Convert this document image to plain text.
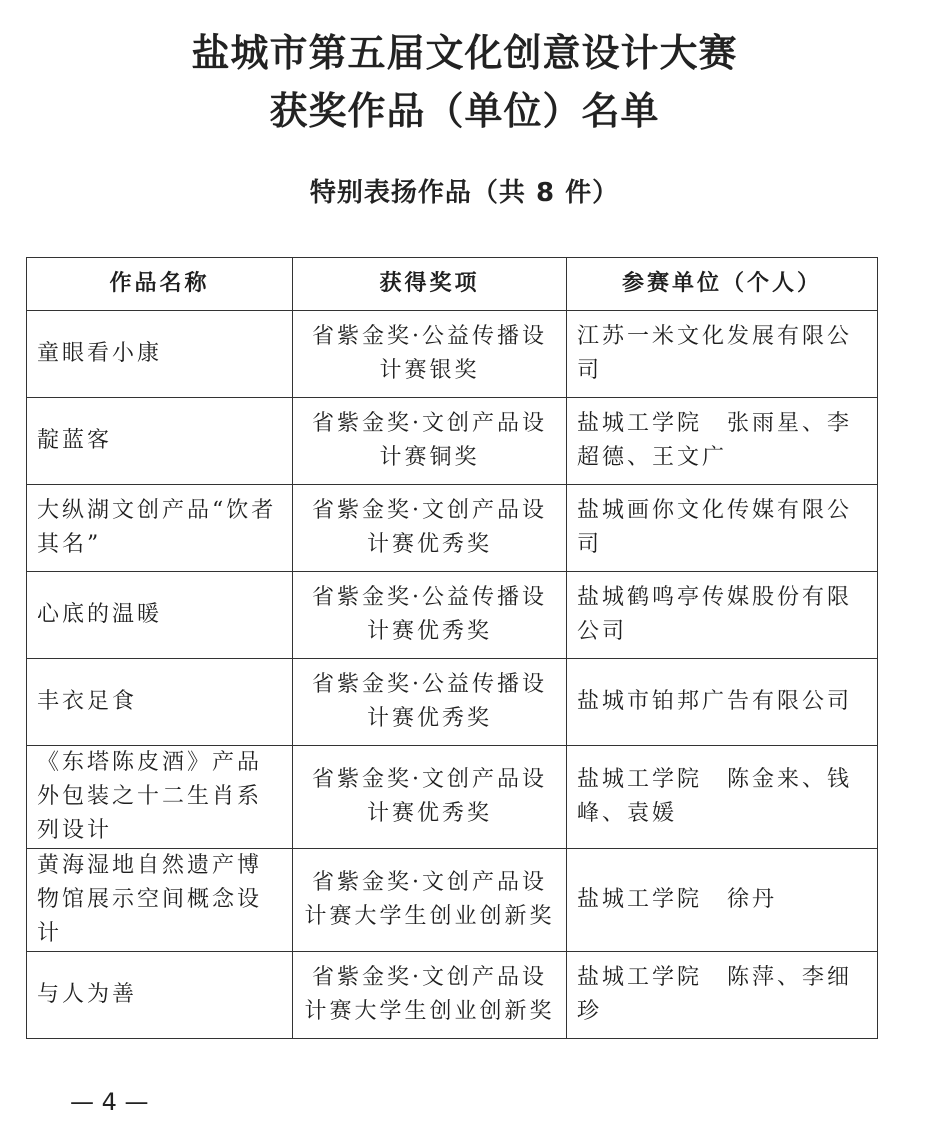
盐城市第五届文化创意设计大赛
获奖作品（单位）名单
特别表扬作品（共 8 件）
作品名称	获得奖项	参赛单位（个人）
童眼看小康	省紫金奖·公益传播设计赛银奖	江苏一米文化发展有限公司
靛蓝客	省紫金奖·文创产品设计赛铜奖	盐城工学院　张雨星、李超德、王文广
大纵湖文创产品“饮者其名”	省紫金奖·文创产品设计赛优秀奖	盐城画你文化传媒有限公司
心底的温暖	省紫金奖·公益传播设计赛优秀奖	盐城鹤鸣亭传媒股份有限公司
丰衣足食	省紫金奖·公益传播设计赛优秀奖	盐城市铂邦广告有限公司
《东塔陈皮酒》产品外包装之十二生肖系列设计	省紫金奖·文创产品设计赛优秀奖	盐城工学院　陈金来、钱峰、袁媛
黄海湿地自然遗产博物馆展示空间概念设计	省紫金奖·文创产品设计赛大学生创业创新奖	盐城工学院　徐丹
与人为善	省紫金奖·文创产品设计赛大学生创业创新奖	盐城工学院　陈萍、李细珍
— 4 —
